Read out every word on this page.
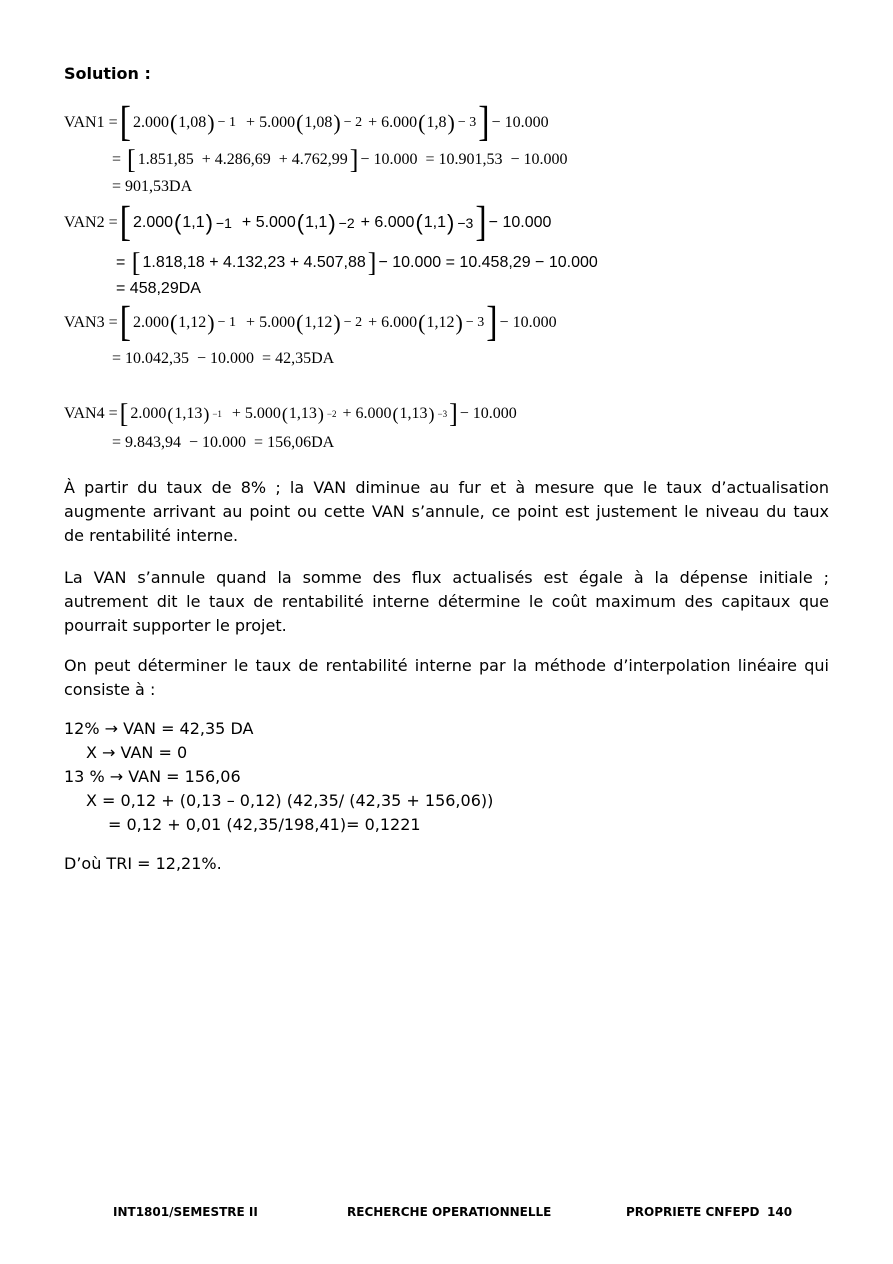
Solution :
VAN1 = [ 2.000 ( 1,08 ) − 1 + 5.000 ( 1,08 ) − 2 + 6.000 ( 1,8 ) − 3 ] − 10.000
= [ 1.851,85  + 4.286,69  + 4.762,99 ] − 10.000  = 10.901,53  − 10.000
= 901,53DA
VAN2 = [ 2.000 ( 1,1 ) −1 + 5.000 ( 1,1 ) −2 + 6.000 ( 1,1 ) −3 ] − 10.000
= [ 1.818,18 + 4.132,23 + 4.507,88 ] − 10.000 = 10.458,29 − 10.000
= 458,29DA
VAN3 = [ 2.000 ( 1,12 ) − 1 + 5.000 ( 1,12 ) − 2 + 6.000 ( 1,12 ) − 3 ] − 10.000
= 10.042,35  − 10.000  = 42,35DA
VAN4 = [ 2.000 ( 1,13 ) −1 + 5.000 ( 1,13 ) −2 + 6.000 ( 1,13 ) −3 ] − 10.000
= 9.843,94  − 10.000  = 156,06DA
À partir du taux de 8% ; la VAN diminue au fur et à mesure que le taux d’actualisation augmente arrivant au point ou cette VAN s’annule, ce point est justement le niveau du taux
de rentabilité interne.
La VAN s’annule quand la somme des flux actualisés est égale à la dépense initiale ; autrement dit le taux de rentabilité interne détermine le coût maximum des capitaux que
pourrait supporter le projet.
On peut déterminer le taux de rentabilité interne par la méthode d’interpolation linéaire qui
consiste à :
12% → VAN = 42,35 DA
X → VAN = 0
13 % → VAN = 156,06
X = 0,12 + (0,13 – 0,12) (42,35/ (42,35 + 156,06))
= 0,12 + 0,01 (42,35/198,41)= 0,1221
D’où TRI = 12,21%.
INT1801/SEMESTRE II	RECHERCHE OPERATIONNELLE	PROPRIETE CNFEPD 140
